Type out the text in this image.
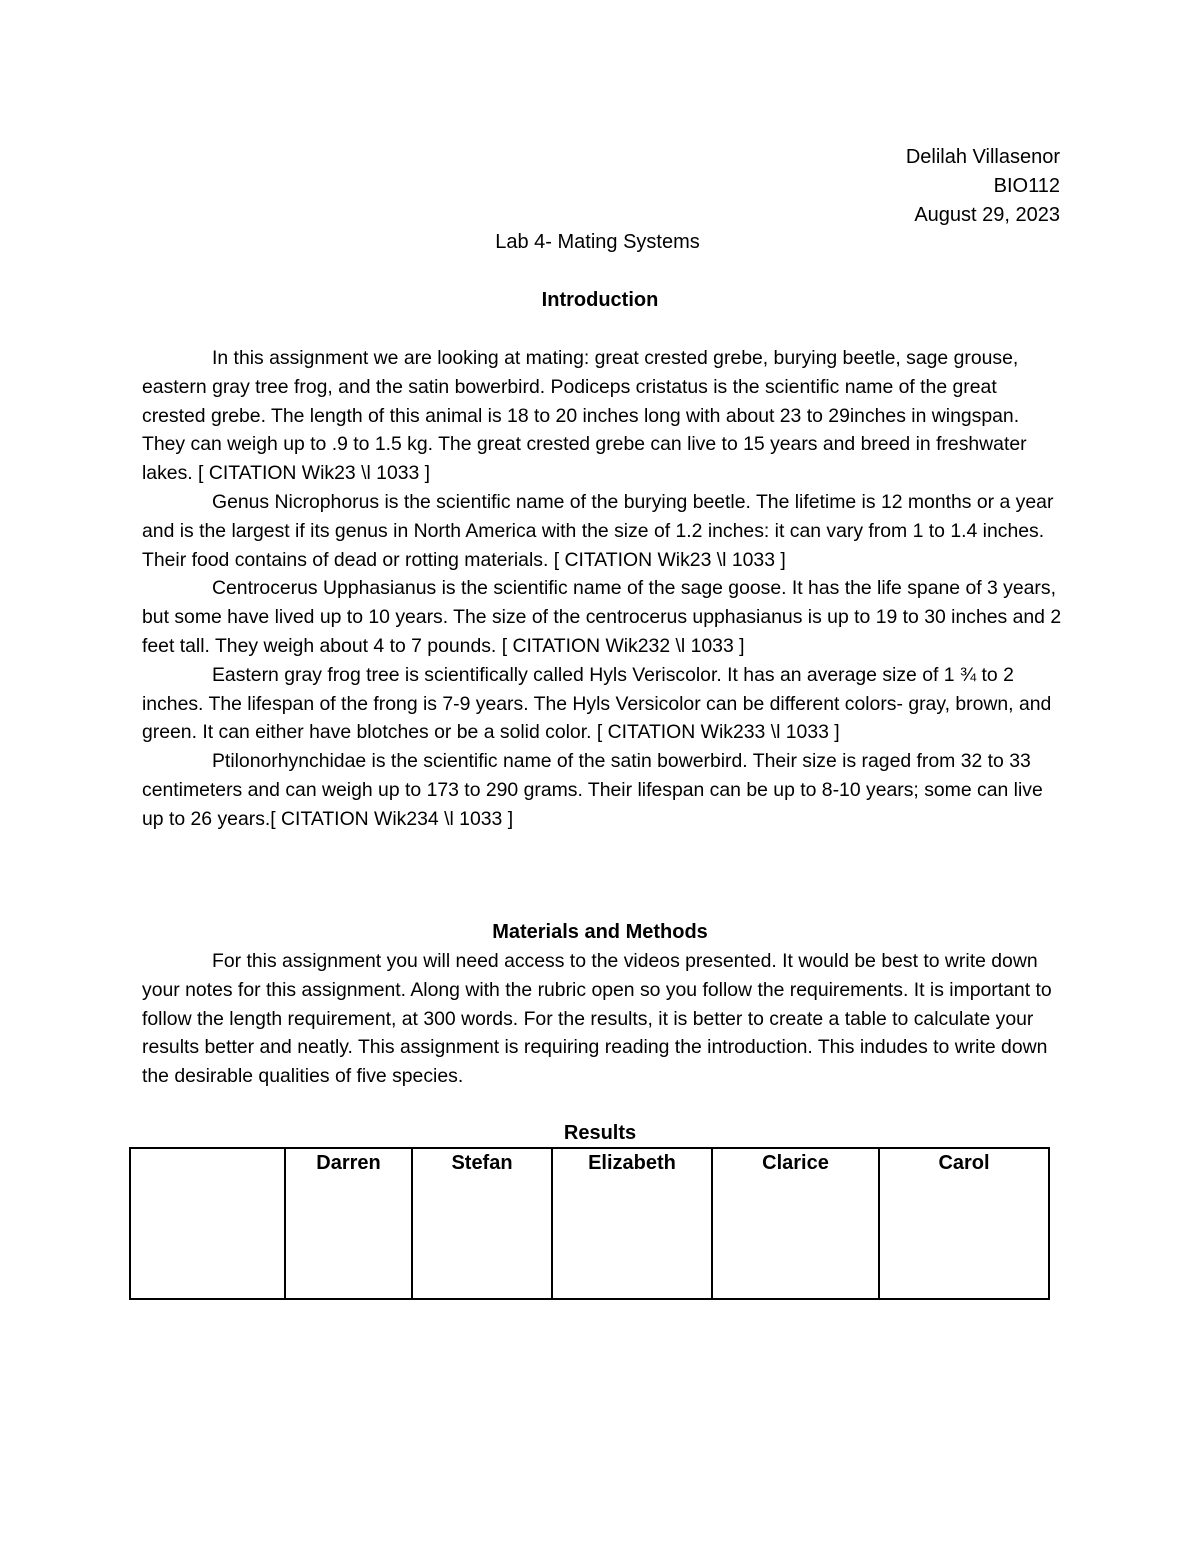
Delilah Villasenor
BIO112
August 29, 2023
Lab 4- Mating Systems
Introduction

In this assignment we are looking at mating: great crested grebe, burying beetle, sage grouse, eastern gray tree frog, and the satin bowerbird. Podiceps cristatus is the scientific name of the great crested grebe. The length of this animal is 18 to 20 inches long with about 23 to 29inches in wingspan. They can weigh up to .9 to 1.5 kg. The great crested grebe can live to 15 years and breed in freshwater lakes. [ CITATION Wik23 \l 1033 ]

Genus Nicrophorus is the scientific name of the burying beetle. The lifetime is 12 months or a year and is the largest if its genus in North America with the size of 1.2 inches: it can vary from 1 to 1.4 inches. Their food contains of dead or rotting materials. [ CITATION Wik23 \l 1033 ]

Centrocerus Upphasianus is the scientific name of the sage goose. It has the life spane of 3 years, but some have lived up to 10 years. The size of the centrocerus upphasianus is up to 19 to 30 inches and 2 feet tall. They weigh about 4 to 7 pounds. [ CITATION Wik232 \l 1033 ]

Eastern gray frog tree is scientifically called Hyls Veriscolor. It has an average size of 1 ¾ to 2 inches. The lifespan of the frong is 7-9 years. The Hyls Versicolor can be different colors- gray, brown, and green. It can either have blotches or be a solid color. [ CITATION Wik233 \l 1033 ]

Ptilonorhynchidae is the scientific name of the satin bowerbird. Their size is raged from 32 to 33 centimeters and can weigh up to 173 to 290 grams. Their lifespan can be up to 8-10 years; some can live up to 26 years.[ CITATION Wik234 \l 1033 ]

Materials and Methods

For this assignment you will need access to the videos presented. It would be best to write down your notes for this assignment. Along with the rubric open so you follow the requirements. It is important to follow the length requirement, at 300 words. For the results, it is better to create a table to calculate your results better and neatly. This assignment is requiring reading the introduction. This indudes to write down the desirable qualities of five species.

Results
	Darren	Stefan	Elizabeth	Clarice	Carol
